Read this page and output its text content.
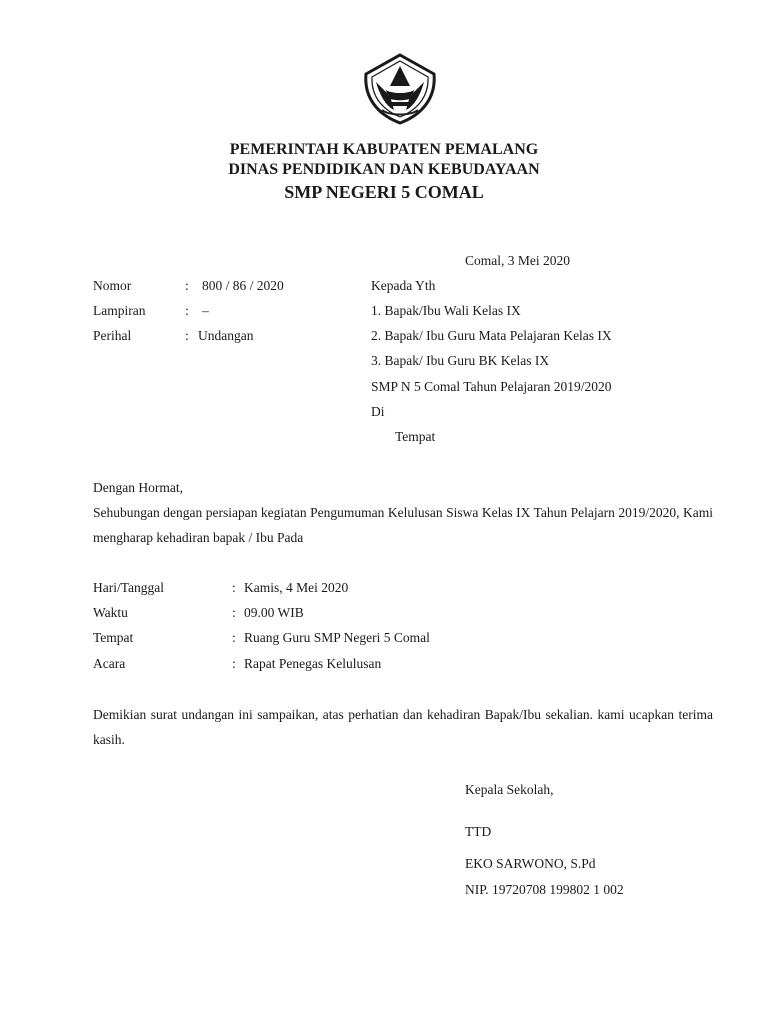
PEMERINTAH KABUPATEN PEMALANG
DINAS PENDIDIKAN DAN KEBUDAYAAN
SMP NEGERI 5 COMAL
Comal, 3 Mei 2020
Nomor	: 800 / 86 / 2020
Lampiran	: –
Perihal	: Undangan
Kepada Yth
1. Bapak/Ibu Wali Kelas IX
2. Bapak/ Ibu Guru Mata Pelajaran Kelas IX
3. Bapak/ Ibu Guru BK Kelas IX
SMP N 5 Comal Tahun Pelajaran 2019/2020
Di
Tempat
Dengan Hormat,
Sehubungan dengan persiapan kegiatan Pengumuman Kelulusan Siswa Kelas IX Tahun Pelajarn 2019/2020, Kami mengharap kehadiran bapak / Ibu Pada
Hari/Tanggal	: Kamis, 4 Mei 2020
Waktu	: 09.00 WIB
Tempat	: Ruang Guru SMP Negeri 5 Comal
Acara	: Rapat Penegas Kelulusan
Demikian surat undangan ini sampaikan, atas perhatian dan kehadiran Bapak/Ibu sekalian. kami ucapkan terima kasih.
Kepala Sekolah,
TTD
EKO SARWONO, S.Pd
NIP. 19720708 199802 1 002
